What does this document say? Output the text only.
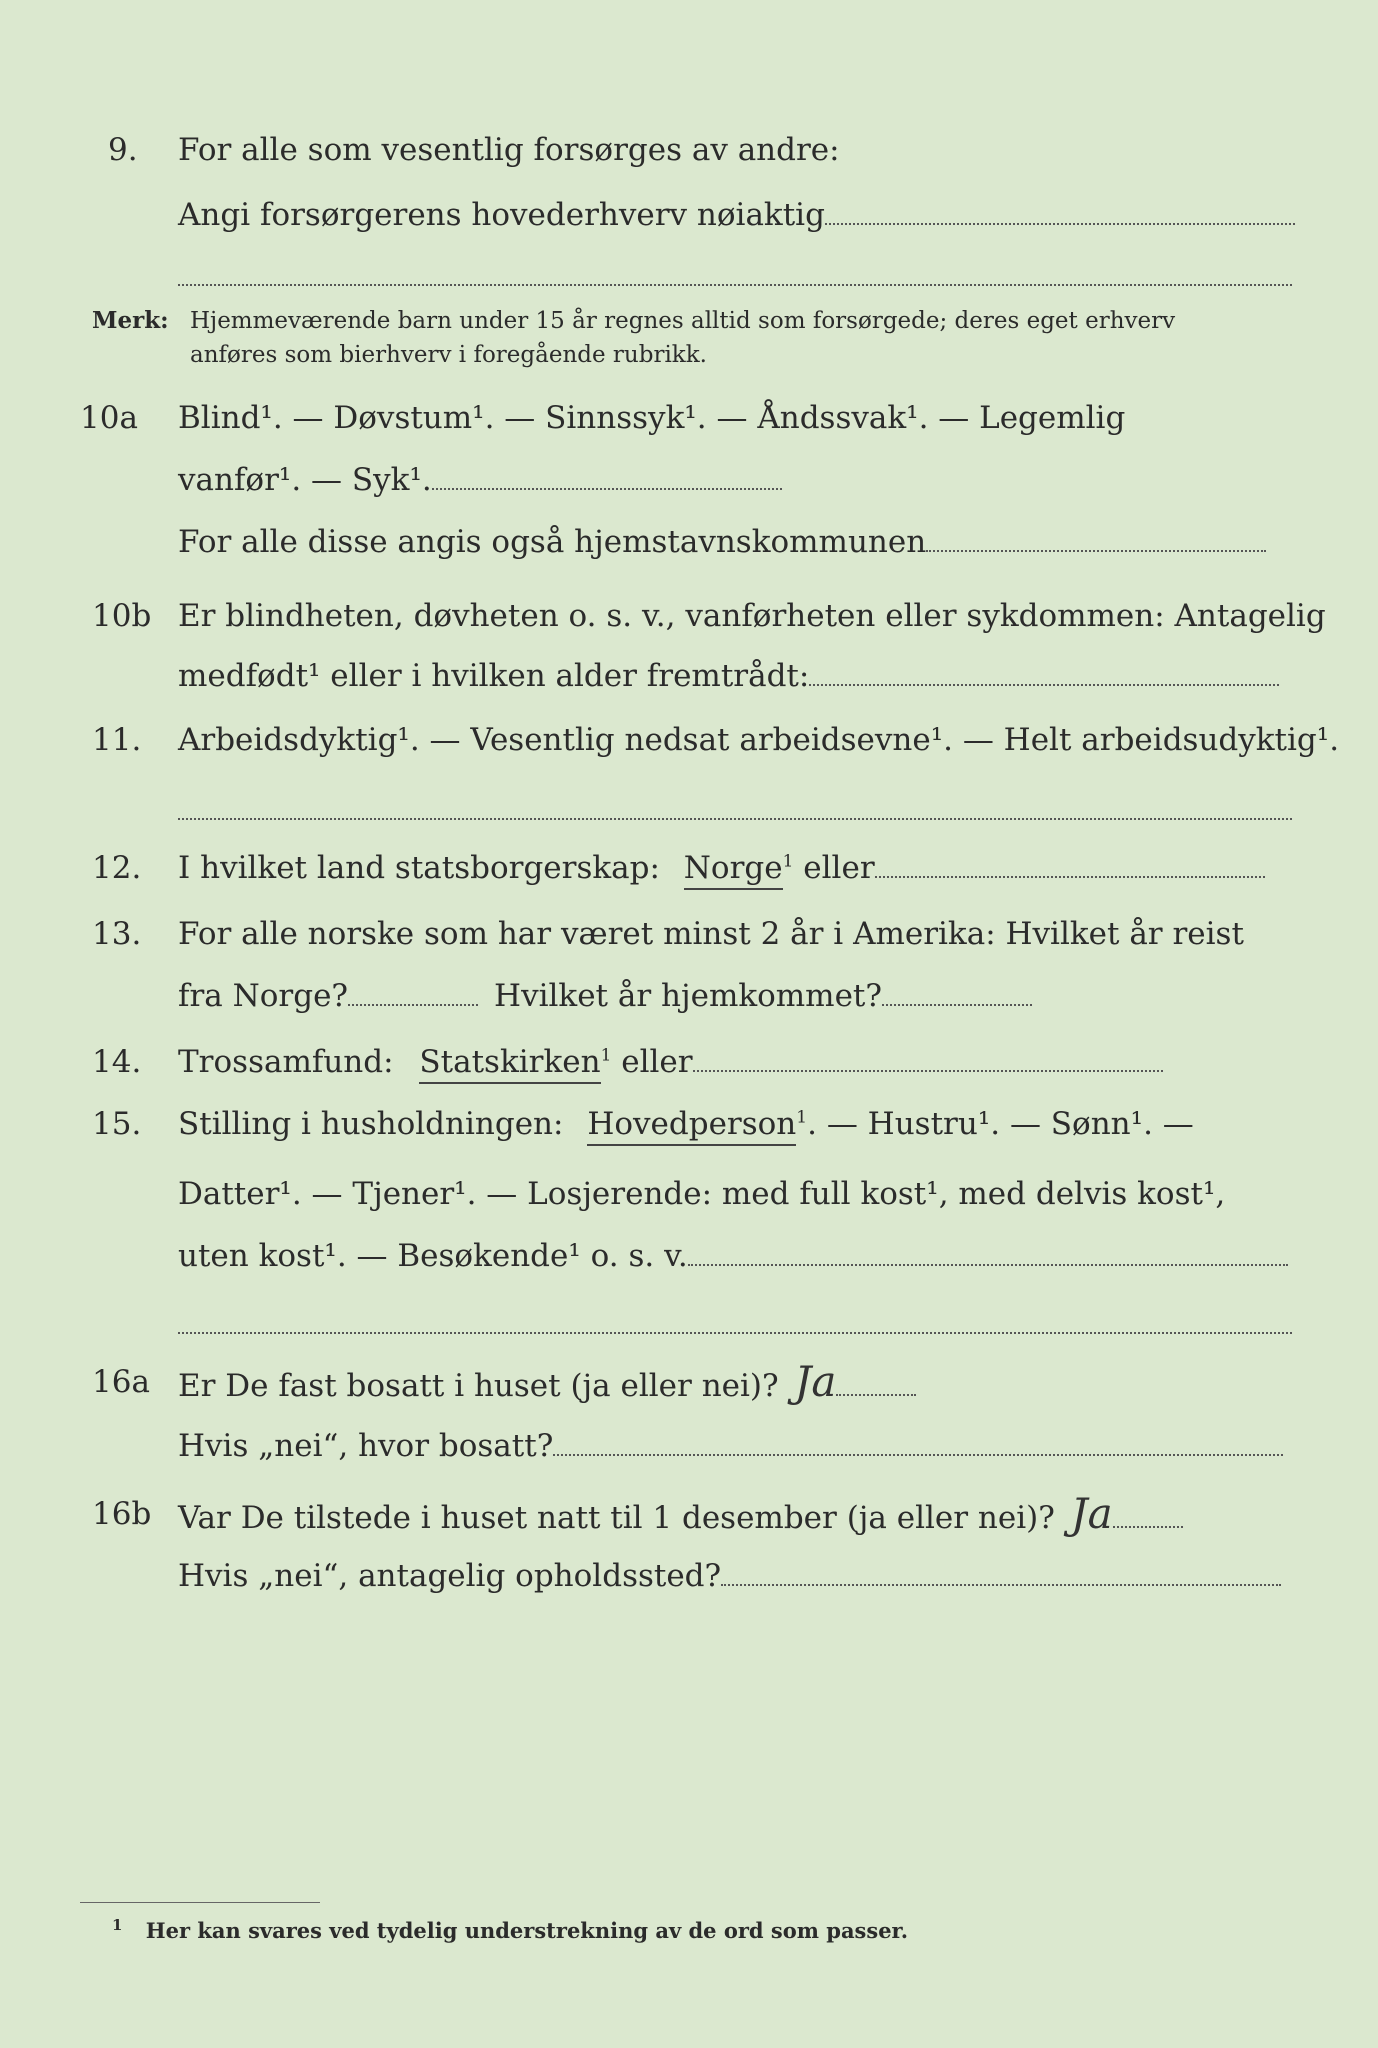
9. For alle som vesentlig forsørges av andre:
Angi forsørgerens hovederhverv nøiaktig
Merk: Hjemmeværende barn under 15 år regnes alltid som forsørgede; deres eget erhverv
anføres som bierhverv i foregående rubrikk.
10a Blind¹. — Døvstum¹. — Sinnssyk¹. — Åndssvak¹. — Legemlig
vanfør¹. — Syk¹.
For alle disse angis også hjemstavnskommunen
10b Er blindheten, døvheten o. s. v., vanførheten eller sykdommen: Antagelig
medfødt¹ eller i hvilken alder fremtrådt:
11. Arbeidsdyktig¹. — Vesentlig nedsat arbeidsevne¹. — Helt arbeidsudyktig¹.
12. I hvilket land statsborgerskap: Norge$^1$ eller
13. For alle norske som har været minst 2 år i Amerika: Hvilket år reist
fra Norge?	Hvilket år hjemkommet?
14. Trossamfund: Statskirken$^1$ eller
15. Stilling i husholdningen: Hovedperson$^1$. — Hustru¹. — Sønn¹. —
Datter¹. — Tjener¹. — Losjerende: med full kost¹, med delvis kost¹,
uten kost¹. — Besøkende¹ o. s. v.
16a Er De fast bosatt i huset (ja eller nei)? Ja
Hvis „nei“, hvor bosatt?
16b Var De tilstede i huset natt til 1 desember (ja eller nei)? Ja
Hvis „nei“, antagelig opholdssted?
$^1$ Her kan svares ved tydelig understrekning av de ord som passer.
